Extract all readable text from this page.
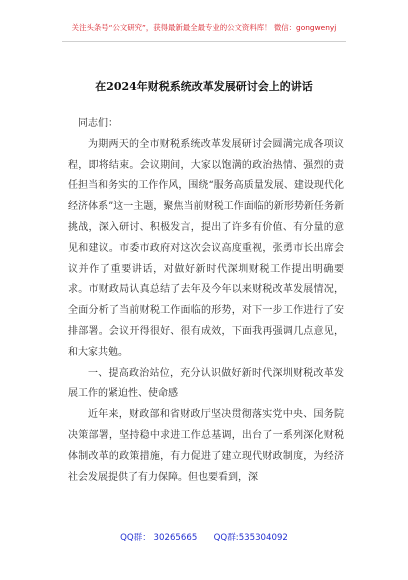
关注头条号“公文研究”，获得最新最全最专业的公文资料库！ 微信：gongwenyj
在2024年财税系统改革发展研讨会上的讲话

同志们：

为期两天的全市财税系统改革发展研讨会圆满完成各项议程，即将结束。会议期间，大家以饱满的政治热情、强烈的责任担当和务实的工作作风，围绕“服务高质量发展、建设现代化经济体系”这一主题，聚焦当前财税工作面临的新形势新任务新挑战，深入研讨、积极发言，提出了许多有价值、有分量的意见和建议。市委市政府对这次会议高度重视，张勇市长出席会议并作了重要讲话，对做好新时代深圳财税工作提出明确要求。市财政局认真总结了去年及今年以来财税改革发展情况，全面分析了当前财税工作面临的形势，对下一步工作进行了安排部署。会议开得很好、很有成效，下面我再强调几点意见，和大家共勉。

一、提高政治站位，充分认识做好新时代深圳财税改革发展工作的紧迫性、使命感

近年来，财政部和省财政厅坚决贯彻落实党中央、国务院决策部署，坚持稳中求进工作总基调，出台了一系列深化财税体制改革的政策措施，有力促进了建立现代财政制度，为经济社会发展提供了有力保障。但也要看到，深

QQ群： 30265665      QQ群:535304092
